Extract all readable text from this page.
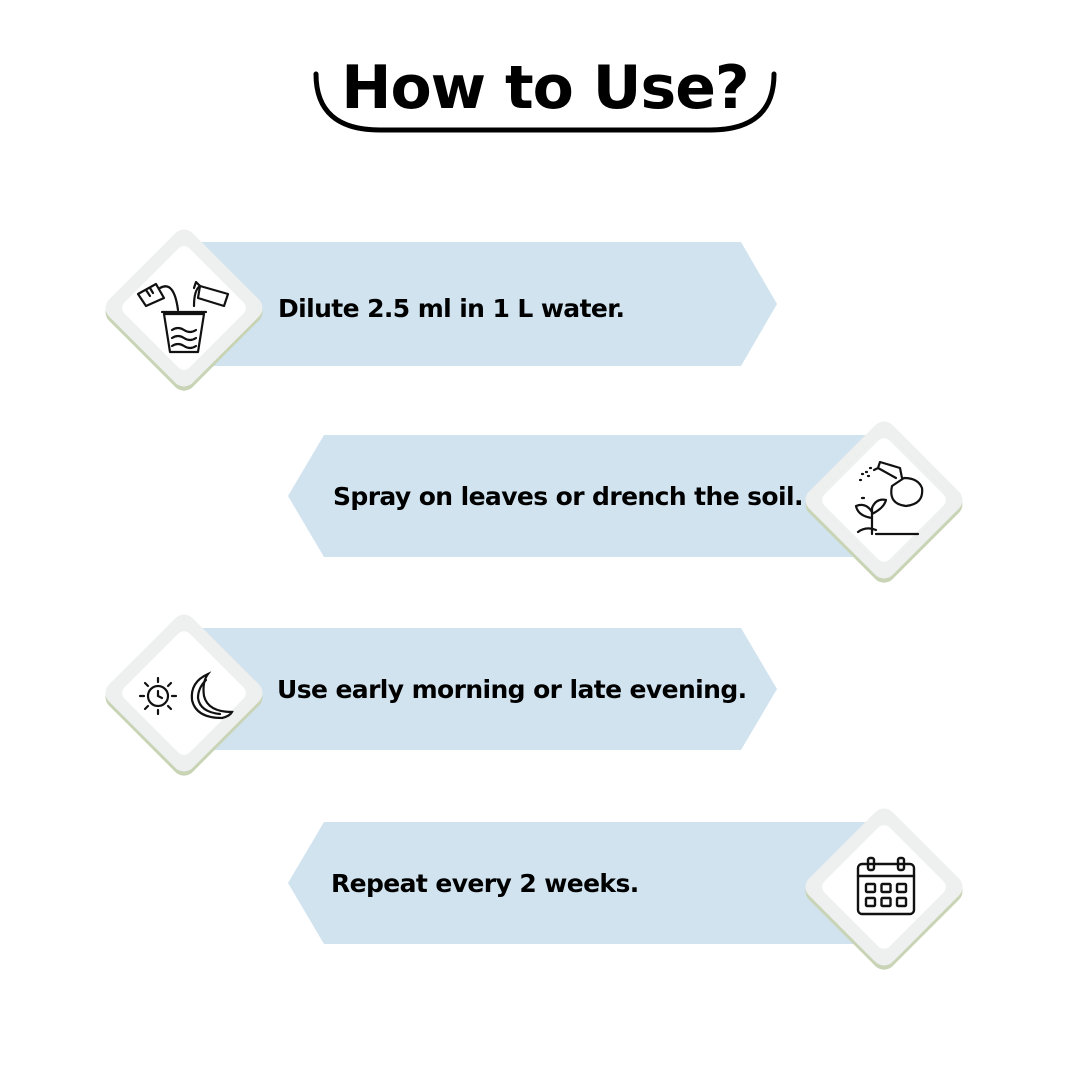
How to Use?
Dilute 2.5 ml in 1 L water.
Spray on leaves or drench the soil.
Use early morning or late evening.
Repeat every 2 weeks.
